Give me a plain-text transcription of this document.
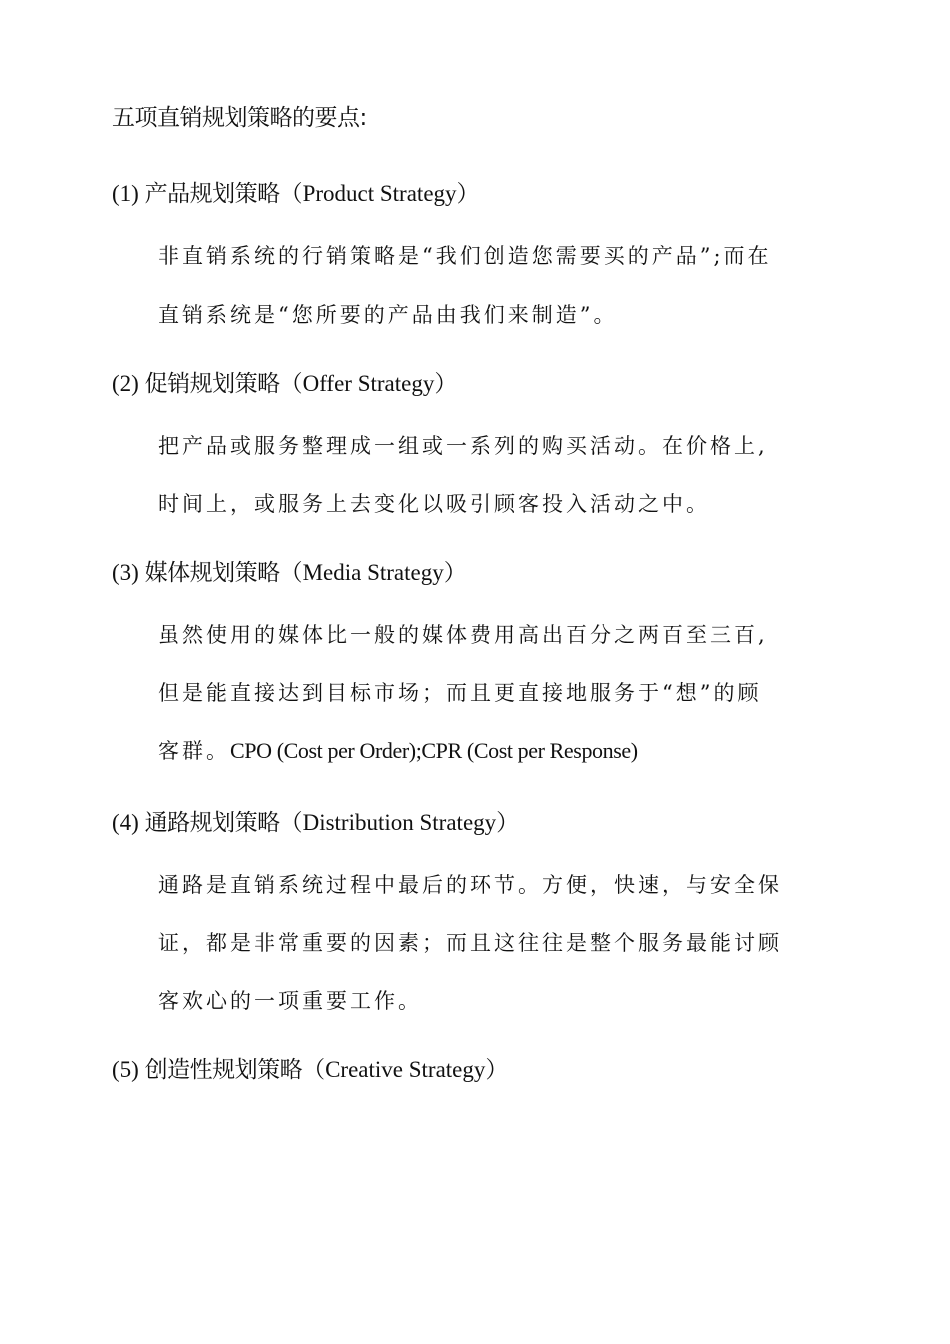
五项直销规划策略的要点:
(1) 产品规划策略（Product Strategy）
非直销系统的行销策略是“我们创造您需要买的产品”;而在
直销系统是“您所要的产品由我们来制造”。
(2) 促销规划策略（Offer Strategy）
把产品或服务整理成一组或一系列的购买活动。在价格上,
时间上，或服务上去变化以吸引顾客投入活动之中。
(3) 媒体规划策略（Media Strategy）
虽然使用的媒体比一般的媒体费用高出百分之两百至三百,
但是能直接达到目标市场；而且更直接地服务于“想”的顾
客群。CPO (Cost per Order);CPR (Cost per Response)
(4) 通路规划策略（Distribution Strategy）
通路是直销系统过程中最后的环节。方便，快速，与安全保
证，都是非常重要的因素；而且这往往是整个服务最能讨顾
客欢心的一项重要工作。
(5) 创造性规划策略（Creative Strategy）
